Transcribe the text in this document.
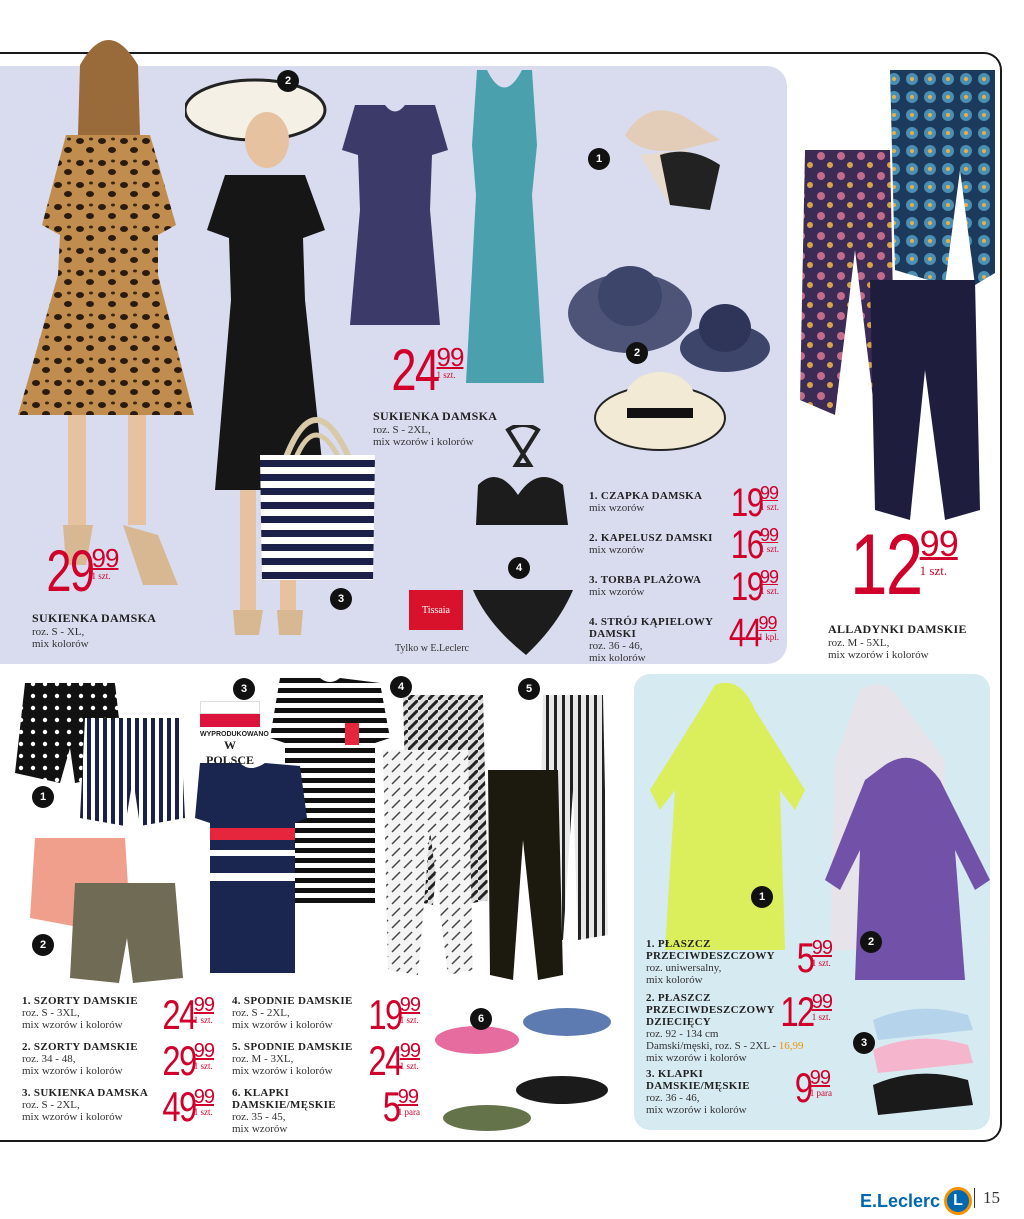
29
99
1 szt.
SUKIENKA DAMSKA
roz. S - XL,
mix kolorów
24
99
1 szt.
SUKIENKA DAMSKA
roz. S - 2XL,
mix wzorów i kolorów
Tissaia
Tylko w E.Leclerc
1
2
3
4
2
1. CZAPKA DAMSKA
mix wzorów	19
99
1 szt.
2. KAPELUSZ DAMSKI
mix wzorów	16
99
1 szt.
3. TORBA PLAŻOWA
mix wzorów	19
99
1 szt.
4. STRÓJ KĄPIELOWY DAMSKI
roz. 36 - 46,
mix kolorów
44
99
1 kpl.
12
99
1 szt.
ALLADYNKI DAMSKIE
roz. M - 5XL,
mix wzorów i kolorów
WYPRODUKOWANO
W POLSCE
1
2
3	4	5
6
1. SZORTY DAMSKIE
roz. S - 3XL,
mix wzorów i kolorów 24
99
1 szt.
2. SZORTY DAMSKIE
roz. 34 - 48,
mix wzorów i kolorów 29
99
1 szt.
3. SUKIENKA DAMSKA
roz. S - 2XL,
mix wzorów i kolorów 49
99
1 szt.
4. SPODNIE DAMSKIE
roz. S - 2XL,
mix wzorów i kolorów 19
99
1 szt.
5. SPODNIE DAMSKIE
roz. M - 3XL,
mix wzorów i kolorów 24
99
1 szt.
6. KLAPKI DAMSKIE/MĘSKIE
roz. 35 - 45,
mix wzorów	5
99
1 para
1
2
3
1. PŁASZCZ PRZECIWDESZCZOWY
roz. uniwersalny,
mix kolorów	5
99
1 szt.
2. PŁASZCZ PRZECIWDESZCZOWY DZIECIĘCY
roz. 92 - 134 cm
Damski/męski, roz. S - 2XL - 16,99
mix wzorów i kolorów
12
99
1 szt.
3. KLAPKI DAMSKIE/MĘSKIE
roz. 36 - 46,
mix wzorów i kolorów	9
99
1 para
E.Leclerc L	15
